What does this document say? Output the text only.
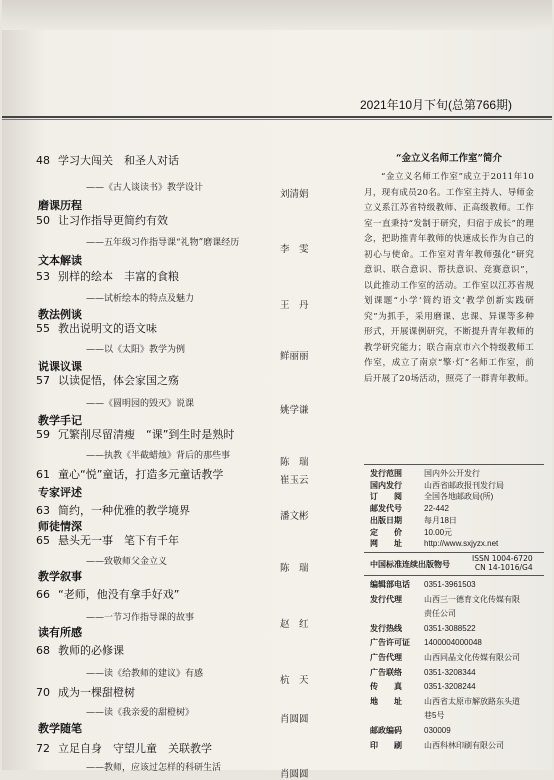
2021年10月下旬(总第766期)
48 学习大闯关　和圣人对话
——《古人谈读书》教学设计
刘清娟
磨课历程
50 让习作指导更简约有效
——五年级习作指导课“礼物”磨课经历
李　雯
文本解读
53 别样的绘本　丰富的食粮
——试析绘本的特点及魅力
王　丹
教法例谈
55 教出说明文的语文味
——以《太阳》教学为例
鲜丽丽
说课议课
57 以读促悟，体会家国之殇
——《圆明园的毁灭》说课
姚学谦
教学手记
59 冗繁削尽留清瘦　“课”到生时是熟时
——执教《半截蜡烛》背后的那些事
陈　瑞
61 童心“悦”童话，打造多元童话教学	崔玉云
专家评述
63 简约，一种优雅的教学境界	潘文彬
师徒情深
65 悬头无一事　笔下有千年
——致敬师父金立义
陈　瑞
教学叙事
66 “老师，他没有拿手好戏”
——一节习作指导课的故事
赵　红
读有所感
68 教师的必修课
——读《给教师的建议》有感
杭　天
70 成为一棵甜橙树
——读《我亲爱的甜橙树》
肖圆圆
教学随笔
72 立足自身　守望儿童　关联教学
——教师，应该过怎样的科研生活
肖圆圆
“金立义名师工作室”简介
“金立义名师工作室”成立于2011年10月，现有成员20名。工作室主持人、导师金立义系江苏省特级教师、正高级教师。工作室一直秉持“发制于研究，归宿于成长”的理念，把助推青年教师的快速成长作为自己的初心与使命。工作室对青年教师强化“研究意识、联合意识、帮扶意识、竞赛意识”，以此推动工作室的活动。工作室以江苏省规划课题“小学‘简约语文’教学创新实践研究”为抓手，采用磨课、忠课、异课等多种形式，开展课例研究，不断提升青年教师的教学研究能力；联合南京市六个特级教师工作室，成立了南京“擎·灯”名师工作室，前后开展了20场活动，照亮了一群青年教师。
发行范围	国内外公开发行
国内发行	山西省邮政报刊发行局
订　　阅	全国各地邮政局(所)
邮发代号	22-442
出版日期	每月18日
定　　价	10.00元
网　　址	http://www.sxjyzx.net
中国标准连续出版物号
ISSN 1004-6720
CN 14-1016/G4
编辑部电话 0351-3961503
发行代理	山西三一德育文化传媒有限
责任公司
发行热线	0351-3088522
广告许可证 1400004000048
广告代理	山西同晶文化传媒有限公司
广告联络	0351-3208344
传　　真	0351-3208244
地　　址	山西省太原市解放路东头道
巷5号
邮政编码	030009
印　　刷	山西科林印刷有限公司
